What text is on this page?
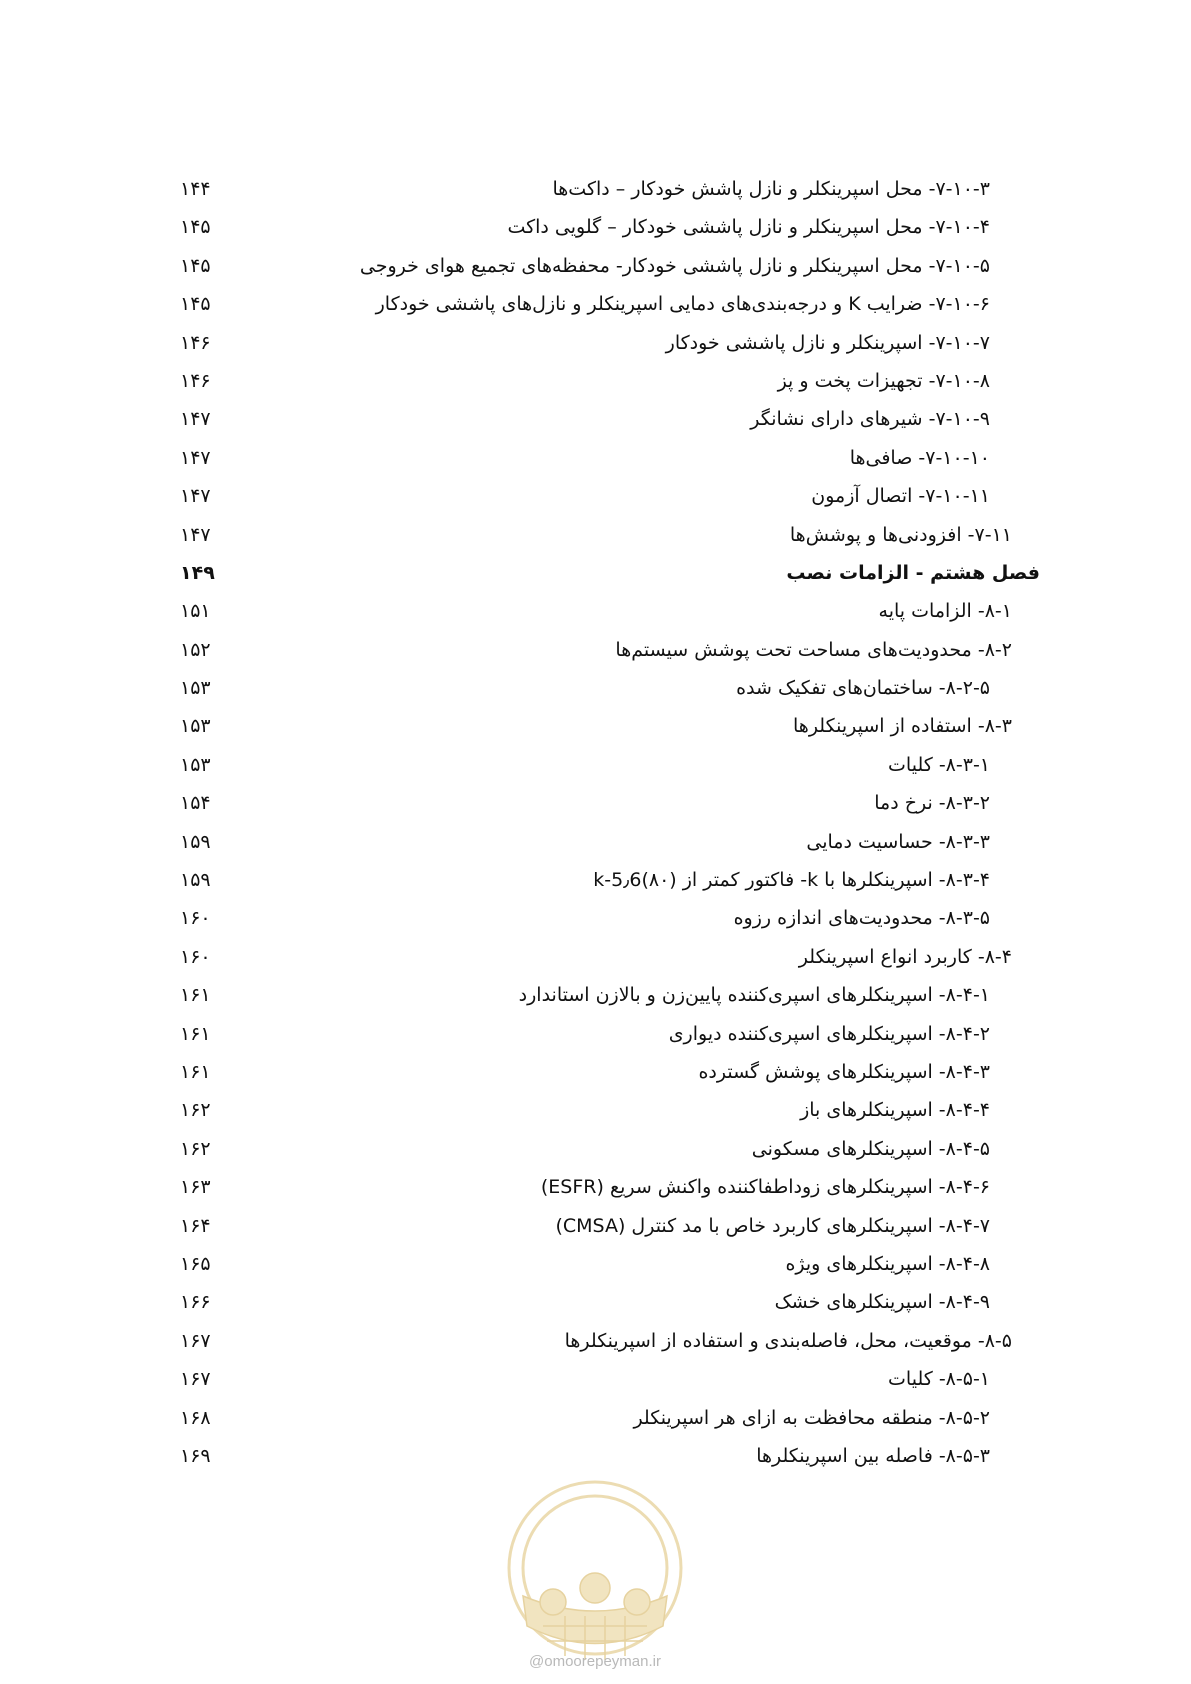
۷-۱۰-۳- محل اسپرینکلر و نازل پاشش خودکار – داکت‌ها
۱۴۴
۷-۱۰-۴- محل اسپرینکلر و نازل پاششی خودکار – گلویی داکت
۱۴۵
۷-۱۰-۵- محل اسپرینکلر و نازل پاششی خودکار- محفظه‌های تجمیع هوای خروجی
۱۴۵
۷-۱۰-۶- ضرایب K و درجه‌بندی‌های دمایی اسپرینکلر و نازل‌های پاششی خودکار
۱۴۵
۷-۱۰-۷- اسپرینکلر و نازل پاششی خودکار
۱۴۶
۷-۱۰-۸- تجهیزات پخت و پز
۱۴۶
۷-۱۰-۹- شیرهای دارای نشانگر
۱۴۷
۷-۱۰-۱۰- صافی‌ها
۱۴۷
۷-۱۰-۱۱- اتصال آزمون
۱۴۷
۷-۱۱- افزودنی‌ها و پوشش‌ها
۱۴۷
فصل هشتم - الزامات نصب
۱۴۹
۸-۱- الزامات پایه
۱۵۱
۸-۲- محدودیت‌های مساحت تحت پوشش سیستم‌ها
۱۵۲
۸-۲-۵- ساختمان‌های تفکیک شده
۱۵۳
۸-۳- استفاده از اسپرینکلرها
۱۵۳
۸-۳-۱- کلیات
۱۵۳
۸-۳-۲- نرخ دما
۱۵۴
۸-۳-۳- حساسیت دمایی
۱۵۹
۸-۳-۴- اسپرینکلرها با k- فاکتور کمتر از (۸۰)k-5٫6
۱۵۹
۸-۳-۵- محدودیت‌های اندازه رزوه
۱۶۰
۸-۴- کاربرد انواع اسپرینکلر
۱۶۰
۸-۴-۱- اسپرینکلرهای اسپری‌کننده پایین‌زن و بالازن استاندارد
۱۶۱
۸-۴-۲- اسپرینکلرهای اسپری‌کننده دیواری
۱۶۱
۸-۴-۳- اسپرینکلرهای پوشش گسترده
۱۶۱
۸-۴-۴- اسپرینکلرهای باز
۱۶۲
۸-۴-۵- اسپرینکلرهای مسکونی
۱۶۲
۸-۴-۶- اسپرینکلرهای زوداطفاکننده واکنش سریع (ESFR)
۱۶۳
۸-۴-۷- اسپرینکلرهای کاربرد خاص با مد کنترل (CMSA)
۱۶۴
۸-۴-۸- اسپرینکلرهای ویژه
۱۶۵
۸-۴-۹- اسپرینکلرهای خشک
۱۶۶
۸-۵- موقعیت، محل، فاصله‌بندی و استفاده از اسپرینکلرها
۱۶۷
۸-۵-۱- کلیات
۱۶۷
۸-۵-۲- منطقه محافظت به ازای هر اسپرینکلر
۱۶۸
۸-۵-۳- فاصله بین اسپرینکلرها
۱۶۹
@omoorepeyman.ir
